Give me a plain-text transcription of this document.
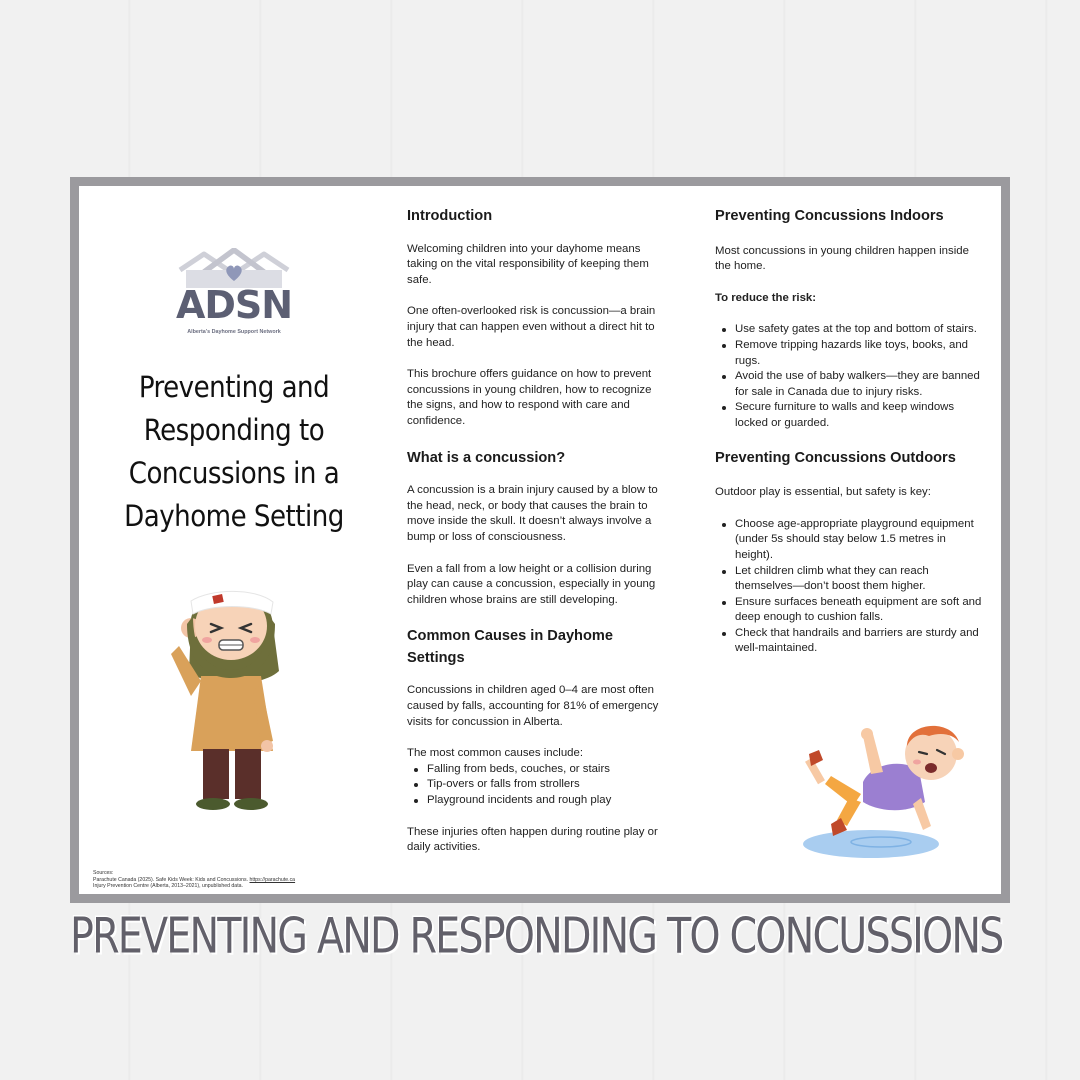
ADSN
Alberta's Dayhome Support Network
Preventing and Responding to Concussions in a Dayhome Setting
Sources:
Parachute Canada (2025). Safe Kids Week: Kids and Concussions. https://parachute.ca
Injury Prevention Centre (Alberta, 2013–2021), unpublished data.
Introduction

Welcoming children into your dayhome means taking on the vital responsibility of keeping them safe.

One often-overlooked risk is concussion—a brain injury that can happen even without a direct hit to the head.

This brochure offers guidance on how to prevent concussions in young children, how to recognize the signs, and how to respond with care and confidence.

What is a concussion?

A concussion is a brain injury caused by a blow to the head, neck, or body that causes the brain to move inside the skull. It doesn’t always involve a bump or loss of consciousness.

Even a fall from a low height or a collision during play can cause a concussion, especially in young children whose brains are still developing.

Common Causes in Dayhome Settings

Concussions in children aged 0–4 are most often caused by falls, accounting for 81% of emergency visits for concussion in Alberta.

The most common causes include:

Falling from beds, couches, or stairs
Tip-overs or falls from strollers
Playground incidents and rough play

These injuries often happen during routine play or daily activities.

Preventing Concussions Indoors

Most concussions in young children happen inside the home.

To reduce the risk:

Use safety gates at the top and bottom of stairs.
Remove tripping hazards like toys, books, and rugs.
Avoid the use of baby walkers—they are banned for sale in Canada due to injury risks.
Secure furniture to walls and keep windows locked or guarded.
Preventing Concussions Outdoors

Outdoor play is essential, but safety is key:

Choose age-appropriate playground equipment (under 5s should stay below 1.5 metres in height).
Let children climb what they can reach themselves—don’t boost them higher.
Ensure surfaces beneath equipment are soft and deep enough to cushion falls.
Check that handrails and barriers are sturdy and well-maintained.
PREVENTING AND RESPONDING TO CONCUSSIONS
